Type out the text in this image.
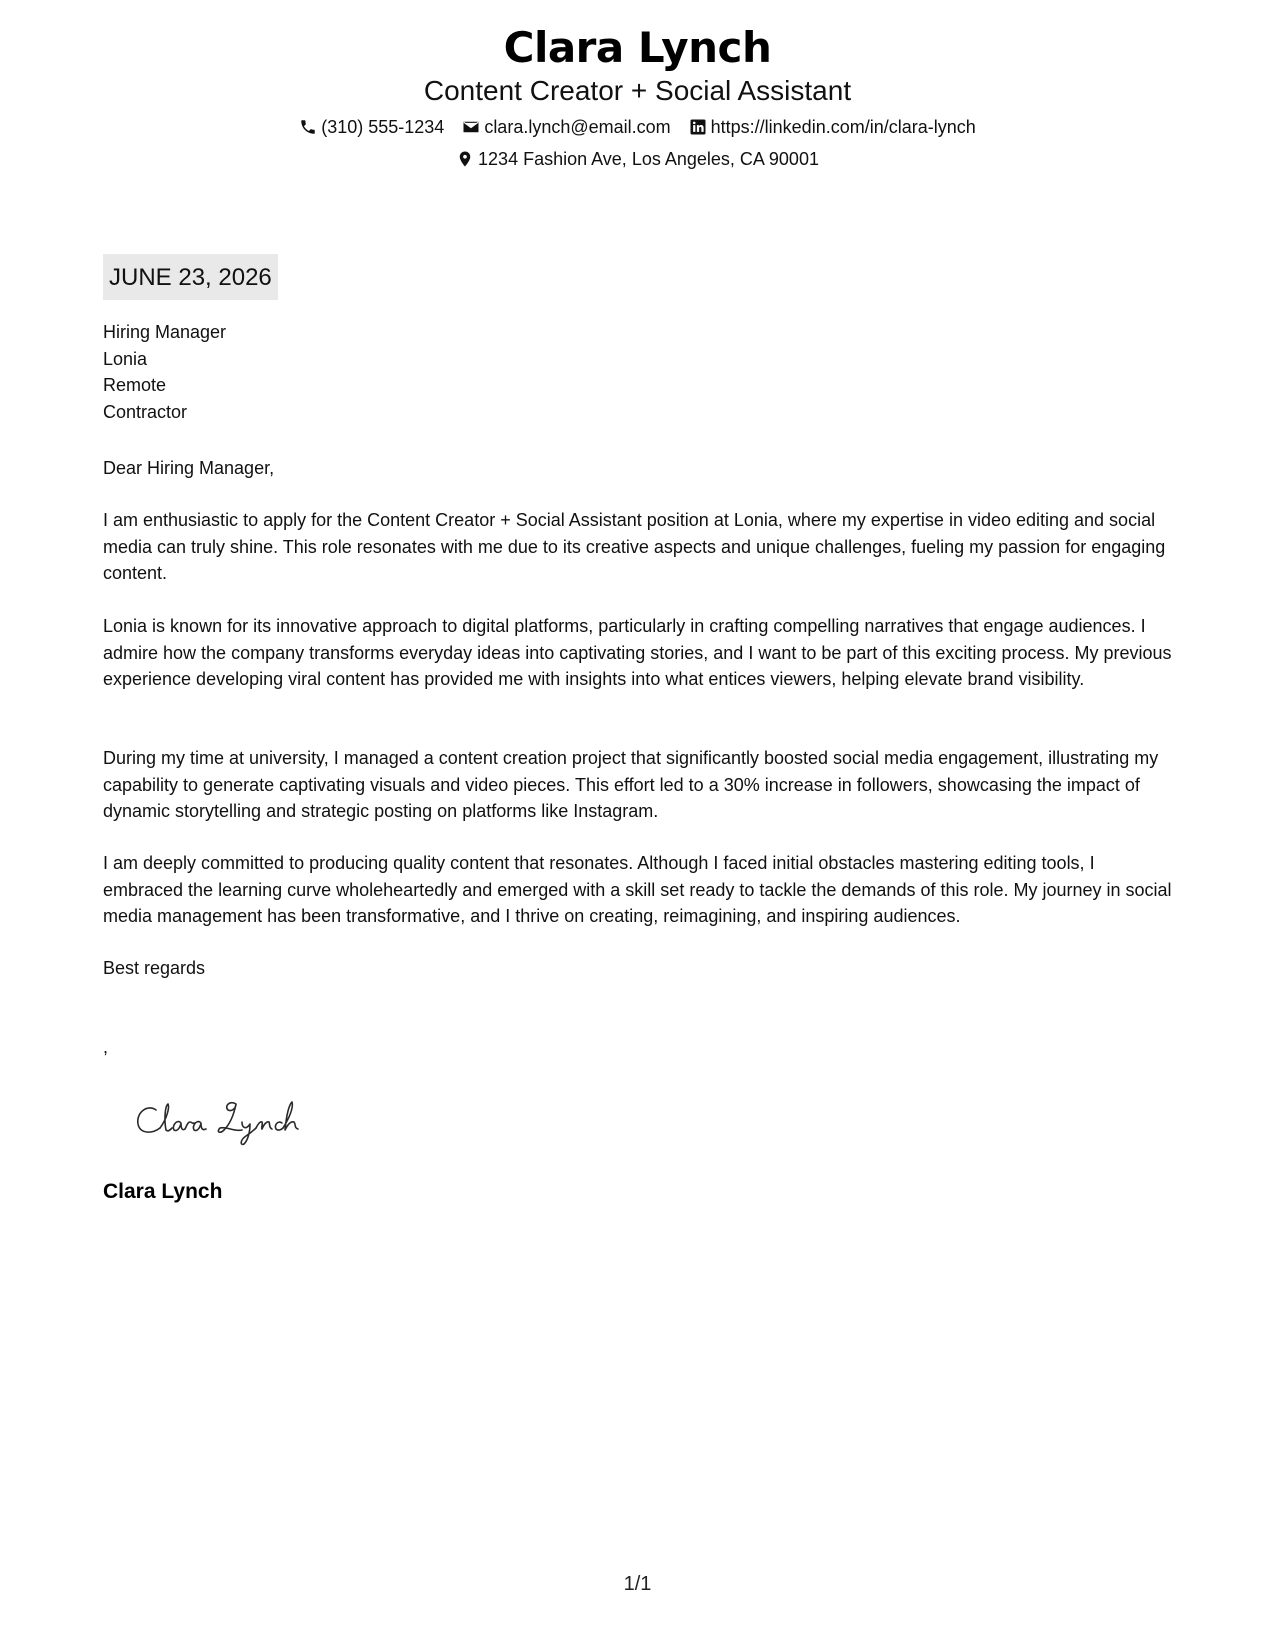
Clara Lynch
Content Creator + Social Assistant
(310) 555-1234 clara.lynch@email.com https://linkedin.com/in/clara-lynch
1234 Fashion Ave, Los Angeles, CA 90001
JUNE 23, 2026
Hiring Manager
Lonia
Remote
Contractor
Dear Hiring Manager,
I am enthusiastic to apply for the Content Creator + Social Assistant position at Lonia, where my expertise in video editing and social media can truly shine. This role resonates with me due to its creative aspects and unique challenges, fueling my passion for engaging content.
Lonia is known for its innovative approach to digital platforms, particularly in crafting compelling narratives that engage audiences. I admire how the company transforms everyday ideas into captivating stories, and I want to be part of this exciting process. My previous experience developing viral content has provided me with insights into what entices viewers, helping elevate brand visibility.
During my time at university, I managed a content creation project that significantly boosted social media engagement, illustrating my capability to generate captivating visuals and video pieces. This effort led to a 30% increase in followers, showcasing the impact of dynamic storytelling and strategic posting on platforms like Instagram.
I am deeply committed to producing quality content that resonates. Although I faced initial obstacles mastering editing tools, I embraced the learning curve wholeheartedly and emerged with a skill set ready to tackle the demands of this role. My journey in social media management has been transformative, and I thrive on creating, reimagining, and inspiring audiences.
Best regards
,
Clara Lynch
1/1
